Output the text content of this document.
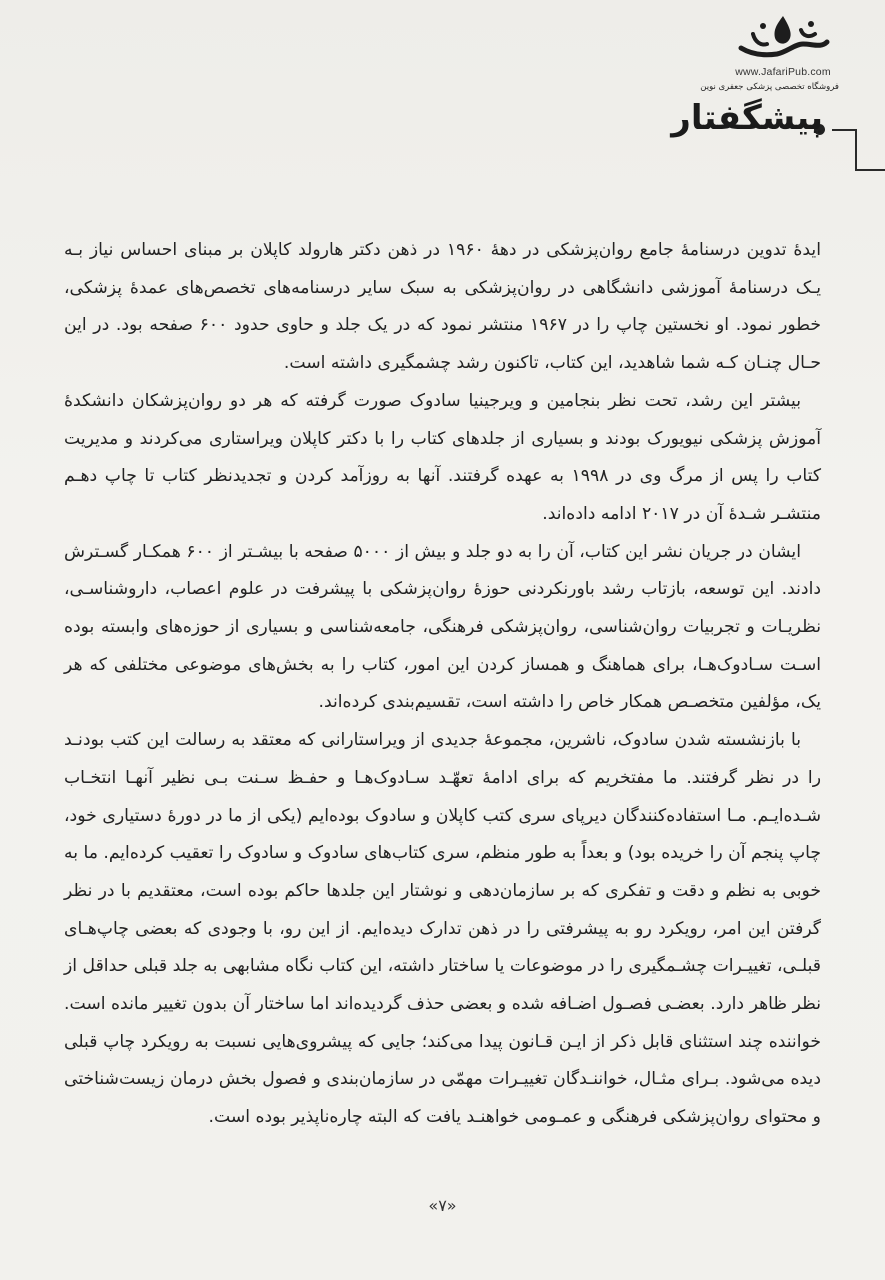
www.JafariPub.com
فروشگاه تخصصی پزشکی جعفری نوین
پیشگفتار

ایدۀ تدوین درسنامۀ جامع روان‌پزشکی در دهۀ ۱۹۶۰ در ذهن دکتر هارولد کاپلان بر مبنای احساس نیاز بـه یـک درسنامۀ آموزشی دانشگاهی در روان‌پزشکی به سبک سایر درسنامه‌های تخصص‌های عمدۀ پزشکی، خطور نمود. او نخستین چاپ را در ۱۹۶۷ منتشر نمود که در یک جلد و حاوی حدود ۶۰۰ صفحه بود. در این حـال چنـان کـه شما شاهدید، این کتاب، تاکنون رشد چشمگیری داشته است.

بیشتر این رشد، تحت نظر بنجامین و ویرجینیا سادوک صورت گرفته که هر دو روان‌پزشکان دانشکدۀ آموزش پزشکی نیویورک بودند و بسیاری از جلدهای کتاب را با دکتر کاپلان ویراستاری می‌کردند و مدیریت کتاب را پس از مرگ وی در ۱۹۹۸ به عهده گرفتند. آنها به روزآمد کردن و تجدیدنظر کتاب تا چاپ دهـم منتشـر شـدۀ آن در ۲۰۱۷ ادامه داده‌اند.

ایشان در جریان نشر این کتاب، آن را به دو جلد و بیش از ۵۰۰۰ صفحه با بیشـتر از ۶۰۰ همکـار گسـترش دادند. این توسعه، بازتاب رشد باورنکردنی حوزۀ روان‌پزشکی با پیشرفت در علوم اعصاب، داروشناسـی، نظریـات و تجربیات روان‌شناسی، روان‌پزشکی فرهنگی، جامعه‌شناسی و بسیاری از حوزه‌های وابسته بوده اسـت سـادوک‌هـا، برای هماهنگ و همساز کردن این امور، کتاب را به بخش‌های موضوعی مختلفی که هر یک، مؤلفین متخصـص همکار خاص را داشته است، تقسیم‌بندی کرده‌اند.

با بازنشسته شدن سادوک، ناشرین، مجموعۀ جدیدی از ویراستارانی که معتقد به رسالت این کتب بودنـد را در نظر گرفتند. ما مفتخریم که برای ادامۀ تعهّـد سـادوک‌هـا و حفـظ سـنت بـی نظیر آنهـا انتخـاب شـده‌ایـم. مـا استفاده‌کنندگان دیرپای سری کتب کاپلان و سادوک بوده‌ایم (یکی از ما در دورۀ دستیاری خود، چاپ پنجم آن را خریده بود) و بعداً به طور منظم، سری کتاب‌های سادوک و سادوک را تعقیب کرده‌ایم. ما به خوبی به نظم و دقت و تفکری که بر سازمان‌دهی و نوشتار این جلدها حاکم بوده است، معتقدیم با در نظر گرفتن این امر، رویکرد رو به پیشرفتی را در ذهن تدارک دیده‌ایم. از این رو، با وجودی که بعضی چاپ‌هـای قبلـی، تغییـرات چشـمگیری را در موضوعات یا ساختار داشته، این کتاب نگاه مشابهی به جلد قبلی حداقل از نظر ظاهر دارد. بعضـی فصـول اضـافه شده و بعضی حذف گردیده‌اند اما ساختار آن بدون تغییر مانده است. خواننده چند استثنای قابل ذکر از ایـن قـانون پیدا می‌کند؛ جایی که پیشروی‌هایی نسبت به رویکرد چاپ قبلی دیده می‌شود. بـرای مثـال، خواننـدگان تغییـرات مهمّی در سازمان‌بندی و فصول بخش درمان زیست‌شناختی و محتوای روان‌پزشکی فرهنگی و عمـومی خواهنـد یافت که البته چاره‌ناپذیر بوده است.

«۷»
